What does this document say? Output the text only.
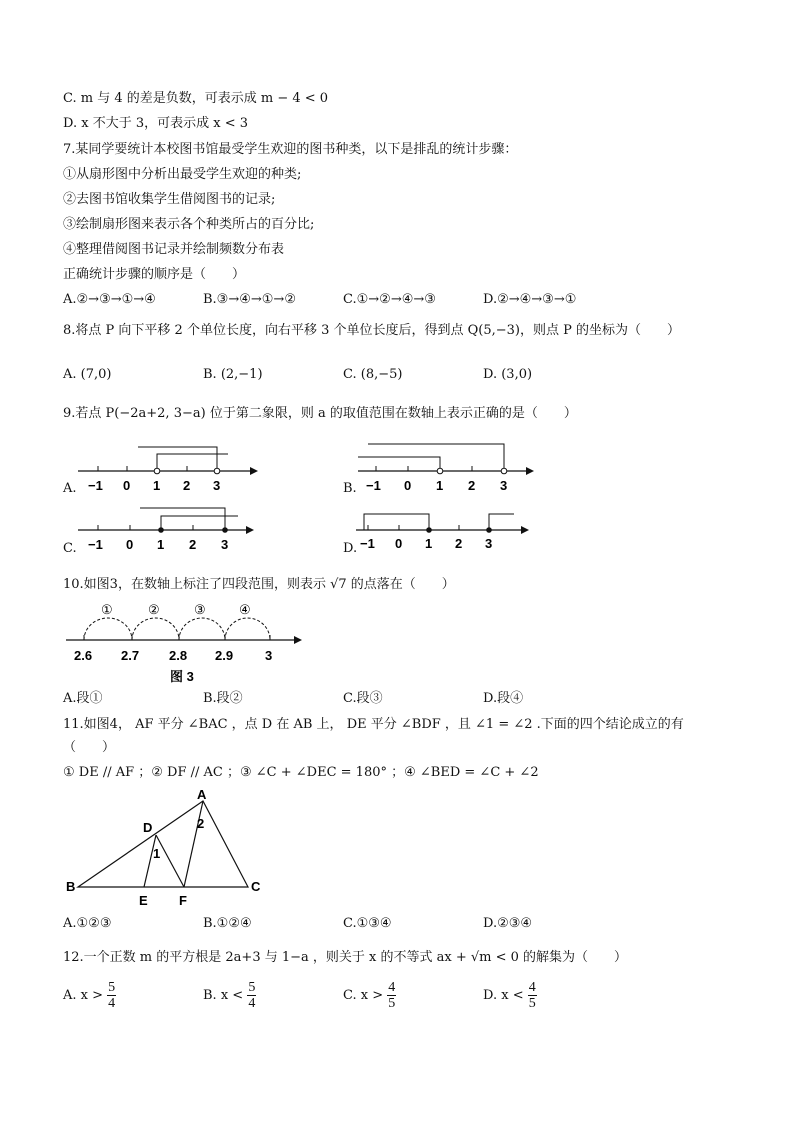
C. m 与 4 的差是负数，可表示成 m − 4 < 0
D. x 不大于 3，可表示成 x < 3
7.某同学要统计本校图书馆最受学生欢迎的图书种类，以下是排乱的统计步骤：
①从扇形图中分析出最受学生欢迎的种类;
②去图书馆收集学生借阅图书的记录;
③绘制扇形图来表示各个种类所占的百分比;
④整理借阅图书记录并绘制频数分布表
正确统计步骤的顺序是（　　）
A.②→③→①→④	B.③→④→①→②	C.①→②→④→③	D.②→④→③→①
8.将点 P 向下平移 2 个单位长度，向右平移 3 个单位长度后，得到点 Q(5,−3)，则点 P 的坐标为（　　）
A. (7,0)	B. (2,−1)	C. (8,−5)	D. (3,0)
9.若点 P(−2a+2, 3−a) 位于第二象限，则 a 的取值范围在数轴上表示正确的是（　　）
A. −1 0 1 2 3	B. −1 0 1 2 3
C. −1 0 1 2 3	D. −1 0 1 2 3
10.如图3，在数轴上标注了四段范围，则表示 √7 的点落在（　　）
①	②	③	④
2.6 2.7 2.8 2.9 3
图 3
A.段①	B.段②	C.段③	D.段④
11.如图4， AF 平分 ∠BAC ，点 D 在 AB 上， DE 平分 ∠BDF ，且 ∠1 = ∠2 .下面的四个结论成立的有
（　　）
① DE // AF ；② DF // AC ；③ ∠C + ∠DEC = 180° ；④ ∠BED = ∠C + ∠2
A
B	C
D
E F
1
2
A.①②③	B.①②④	C.①③④	D.②③④
12.一个正数 m 的平方根是 2a+3 与 1−a ，则关于 x 的不等式 ax + √m < 0 的解集为（　　）
A. $x > \frac{5}{4}$	B. $x < \frac{5}{4}$	C. $x > \frac{4}{5}$	D. $x < \frac{4}{5}$
